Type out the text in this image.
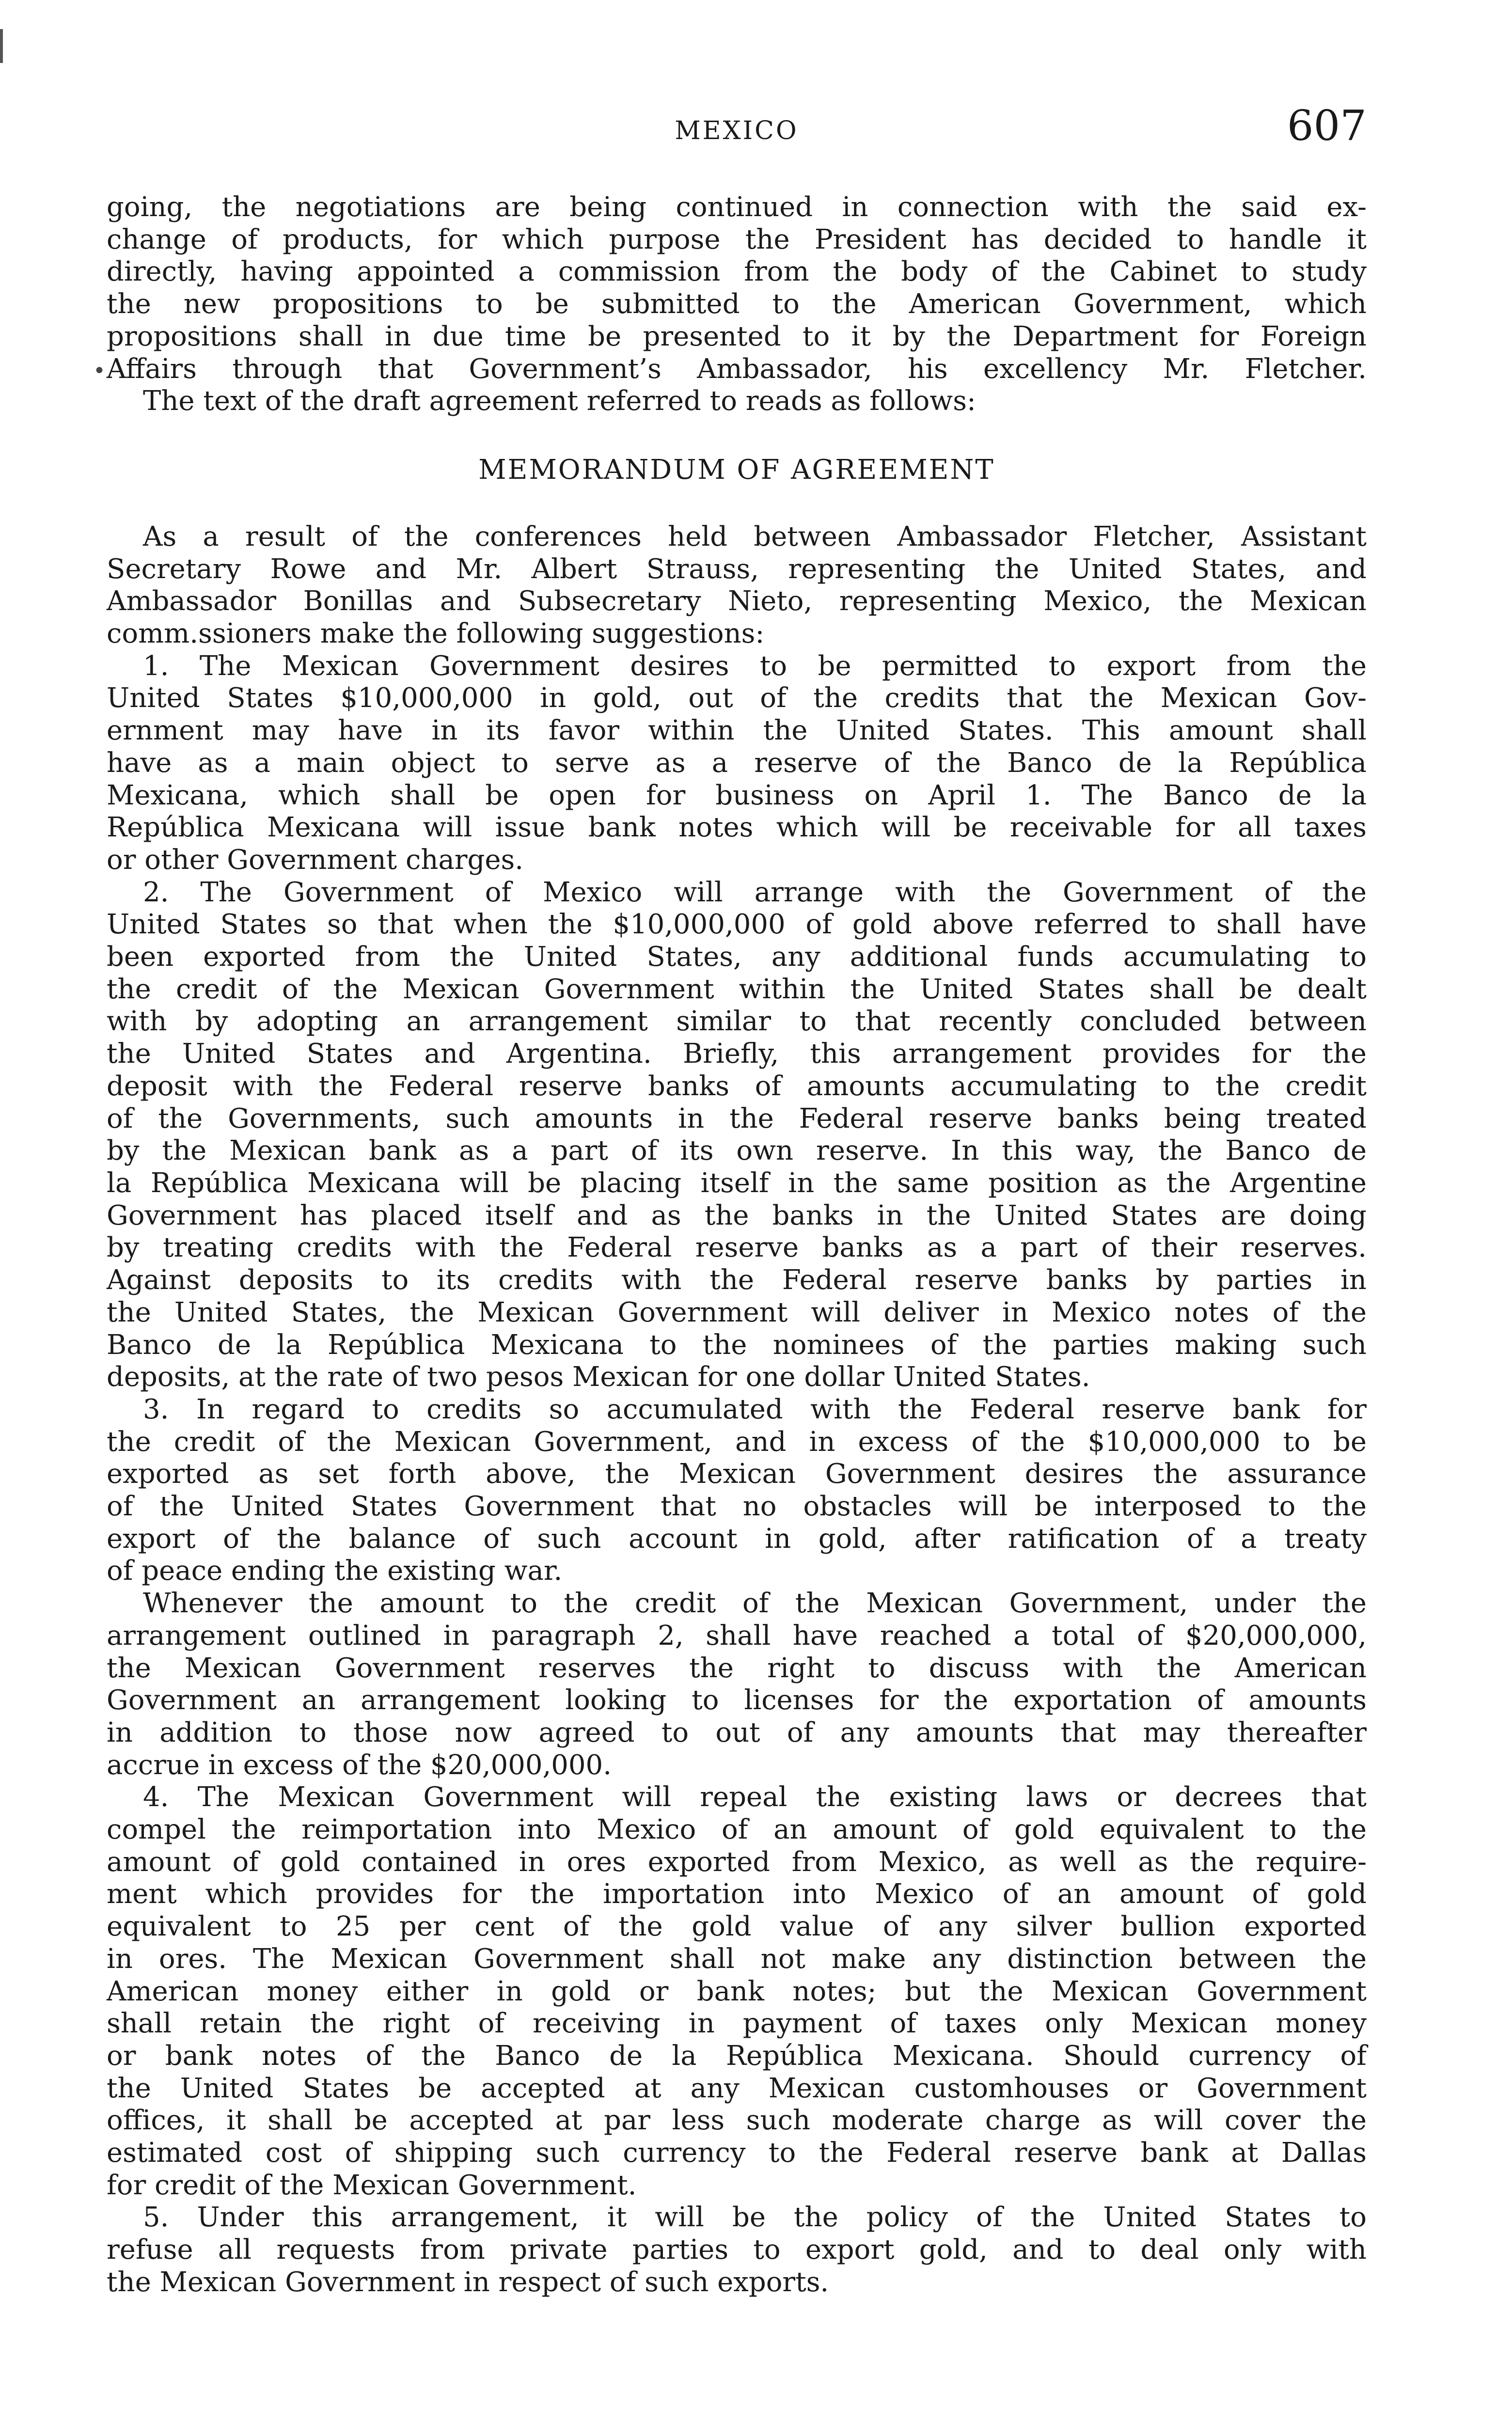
MEXICO	607
•
going, the negotiations are being continued in connection with the said ex-
change of products, for which purpose the President has decided to handle it
directly, having appointed a commission from the body of the Cabinet to study
the new propositions to be submitted to the American Government, which
propositions shall in due time be presented to it by the Department for Foreign
Affairs through that Government’s Ambassador, his excellency Mr. Fletcher.
The text of the draft agreement referred to reads as follows:
MEMORANDUM OF AGREEMENT
As a result of the conferences held between Ambassador Fletcher, Assistant
Secretary Rowe and Mr. Albert Strauss, representing the United States, and
Ambassador Bonillas and Subsecretary Nieto, representing Mexico, the Mexican
comm.ssioners make the following suggestions:
1. The Mexican Government desires to be permitted to export from the
United States $10,000,000 in gold, out of the credits that the Mexican Gov-
ernment may have in its favor within the United States. This amount shall
have as a main object to serve as a reserve of the Banco de la República
Mexicana, which shall be open for business on April 1. The Banco de la
República Mexicana will issue bank notes which will be receivable for all taxes
or other Government charges.
2. The Government of Mexico will arrange with the Government of the
United States so that when the $10,000,000 of gold above referred to shall have
been exported from the United States, any additional funds accumulating to
the credit of the Mexican Government within the United States shall be dealt
with by adopting an arrangement similar to that recently concluded between
the United States and Argentina. Briefly, this arrangement provides for the
deposit with the Federal reserve banks of amounts accumulating to the credit
of the Governments, such amounts in the Federal reserve banks being treated
by the Mexican bank as a part of its own reserve. In this way, the Banco de
la República Mexicana will be placing itself in the same position as the Argentine
Government has placed itself and as the banks in the United States are doing
by treating credits with the Federal reserve banks as a part of their reserves.
Against deposits to its credits with the Federal reserve banks by parties in
the United States, the Mexican Government will deliver in Mexico notes of the
Banco de la República Mexicana to the nominees of the parties making such
deposits, at the rate of two pesos Mexican for one dollar United States.
3. In regard to credits so accumulated with the Federal reserve bank for
the credit of the Mexican Government, and in excess of the $10,000,000 to be
exported as set forth above, the Mexican Government desires the assurance
of the United States Government that no obstacles will be interposed to the
export of the balance of such account in gold, after ratification of a treaty
of peace ending the existing war.
Whenever the amount to the credit of the Mexican Government, under the
arrangement outlined in paragraph 2, shall have reached a total of $20,000,000,
the Mexican Government reserves the right to discuss with the American
Government an arrangement looking to licenses for the exportation of amounts
in addition to those now agreed to out of any amounts that may thereafter
accrue in excess of the $20,000,000.
4. The Mexican Government will repeal the existing laws or decrees that
compel the reimportation into Mexico of an amount of gold equivalent to the
amount of gold contained in ores exported from Mexico, as well as the require-
ment which provides for the importation into Mexico of an amount of gold
equivalent to 25 per cent of the gold value of any silver bullion exported
in ores. The Mexican Government shall not make any distinction between the
American money either in gold or bank notes; but the Mexican Government
shall retain the right of receiving in payment of taxes only Mexican money
or bank notes of the Banco de la República Mexicana. Should currency of
the United States be accepted at any Mexican customhouses or Government
offices, it shall be accepted at par less such moderate charge as will cover the
estimated cost of shipping such currency to the Federal reserve bank at Dallas
for credit of the Mexican Government.
5. Under this arrangement, it will be the policy of the United States to
refuse all requests from private parties to export gold, and to deal only with
the Mexican Government in respect of such exports.
